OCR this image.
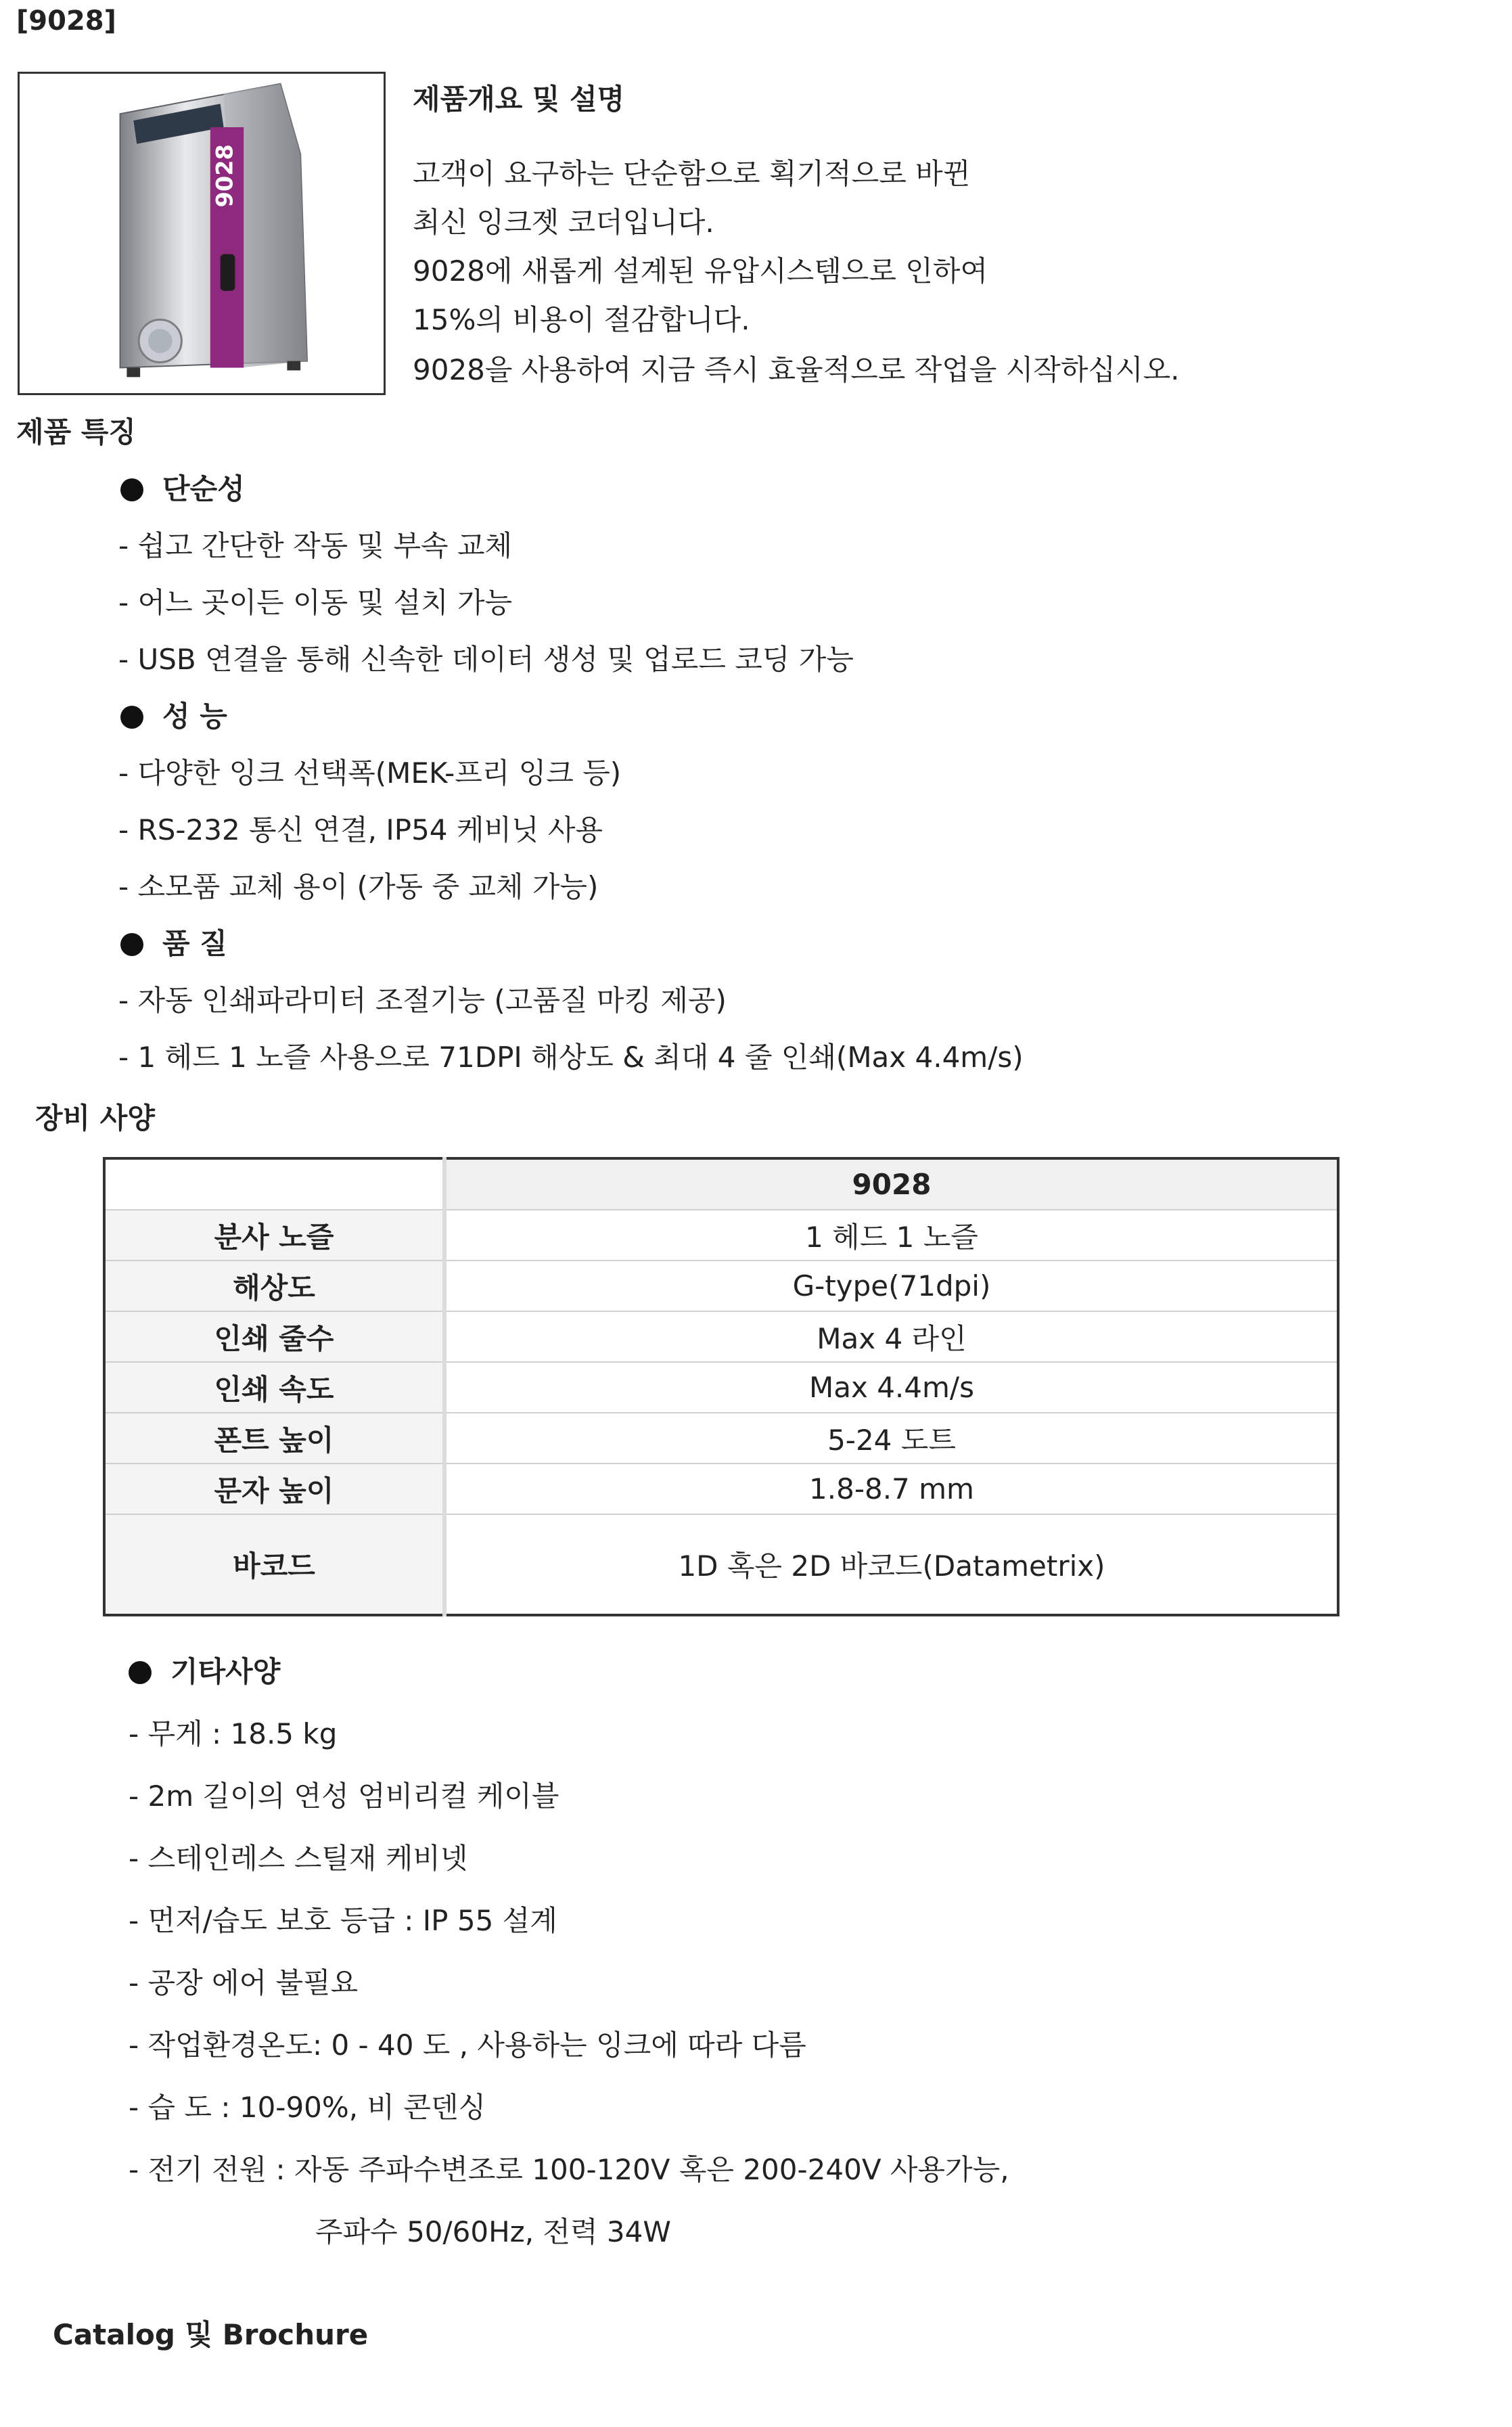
[9028]
9028
제품개요 및 설명
고객이 요구하는 단순함으로 획기적으로 바뀐
최신 잉크젯 코더입니다.
9028에 새롭게 설계된 유압시스템으로 인하여
15%의 비용이 절감합니다.
9028을 사용하여 지금 즉시 효율적으로 작업을 시작하십시오.
제품 특징
단순성
- 쉽고 간단한 작동 및 부속 교체
- 어느 곳이든 이동 및 설치 가능
- USB 연결을 통해 신속한 데이터 생성 및 업로드 코딩 가능
성 능
- 다양한 잉크 선택폭(MEK-프리 잉크 등)
- RS-232 통신 연결, IP54 케비닛 사용
- 소모품 교체 용이 (가동 중 교체 가능)
품 질
- 자동 인쇄파라미터 조절기능 (고품질 마킹 제공)
- 1 헤드 1 노즐 사용으로 71DPI 해상도 & 최대 4 줄 인쇄(Max 4.4m/s)
장비 사양
	9028
분사 노즐	1 헤드 1 노즐
해상도	G-type(71dpi)
인쇄 줄수	Max 4 라인
인쇄 속도	Max 4.4m/s
폰트 높이	5-24 도트
문자 높이	1.8-8.7 mm
바코드	1D 혹은 2D 바코드(Datametrix)
기타사양
- 무게 : 18.5 kg
- 2m 길이의 연성 엄비리컬 케이블
- 스테인레스 스틸재 케비넷
- 먼저/습도 보호 등급 : IP 55 설계
- 공장 에어 불필요
- 작업환경온도: 0 - 40 도 , 사용하는 잉크에 따라 다름
- 습 도 : 10-90%, 비 콘덴싱
- 전기 전원 : 자동 주파수변조로 100-120V 혹은 200-240V 사용가능,
주파수 50/60Hz, 전력 34W
Catalog 및 Brochure
